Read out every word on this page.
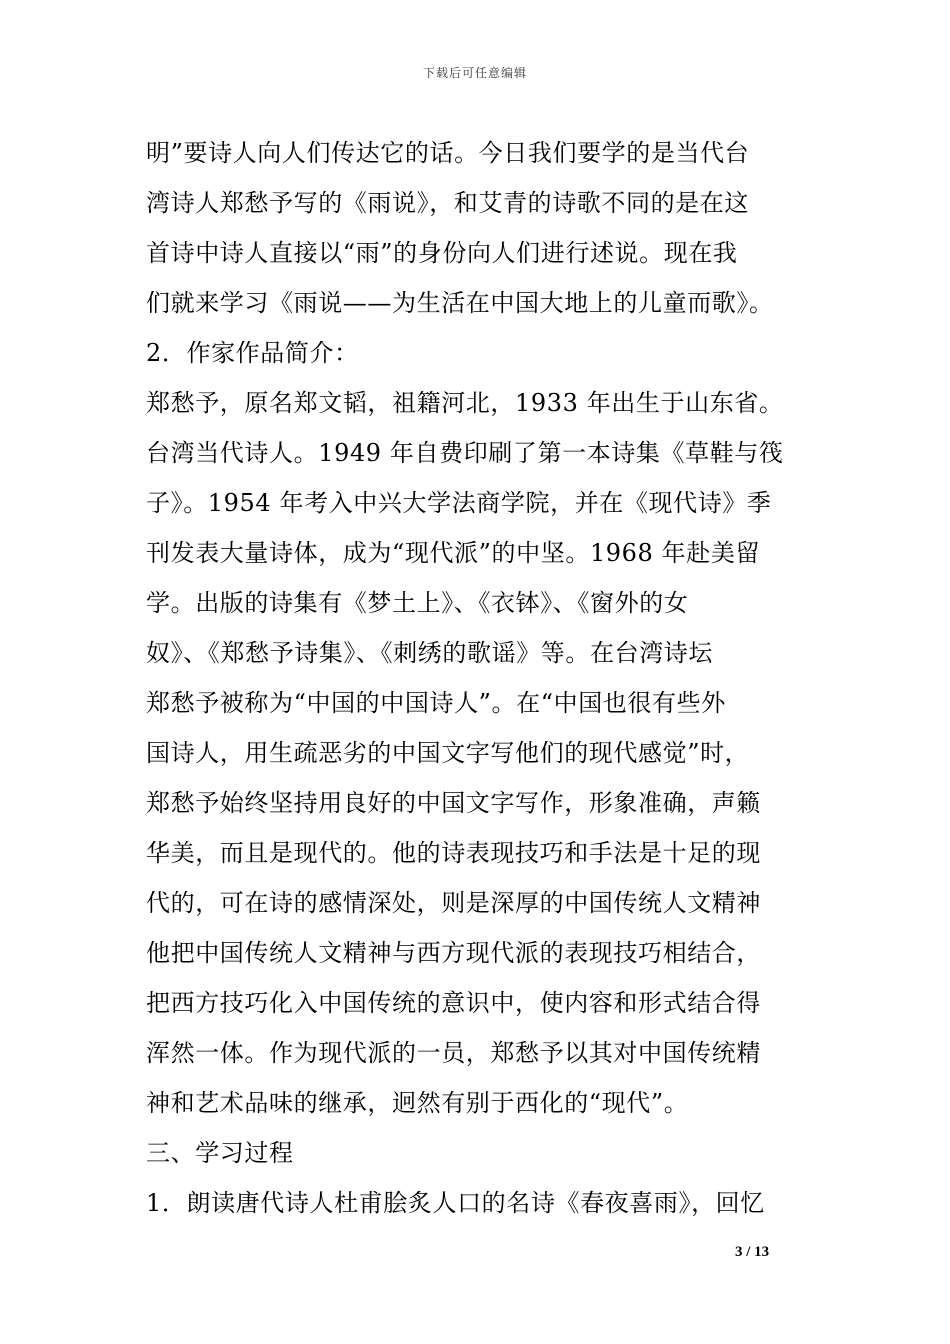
下载后可任意编辑
明”要诗人向人们传达它的话。今日我们要学的是当代台
湾诗人郑愁予写的《雨说》，和艾青的诗歌不同的是在这
首诗中诗人直接以“雨”的身份向人们进行述说。现在我
们就来学习《雨说——为生活在中国大地上的儿童而歌》。
2．作家作品简介：
郑愁予，原名郑文韬，祖籍河北，1933 年出生于山东省。
台湾当代诗人。1949 年自费印刷了第一本诗集《草鞋与筏
子》。1954 年考入中兴大学法商学院，并在《现代诗》季
刊发表大量诗体，成为“现代派”的中坚。1968 年赴美留
学。出版的诗集有《梦土上》、《衣钵》、《窗外的女
奴》、《郑愁予诗集》、《刺绣的歌谣》等。在台湾诗坛
郑愁予被称为“中国的中国诗人”。在“中国也很有些外
国诗人，用生疏恶劣的中国文字写他们的现代感觉”时，
郑愁予始终坚持用良好的中国文字写作，形象准确，声籁
华美，而且是现代的。他的诗表现技巧和手法是十足的现
代的，可在诗的感情深处，则是深厚的中国传统人文精神
他把中国传统人文精神与西方现代派的表现技巧相结合，
把西方技巧化入中国传统的意识中，使内容和形式结合得
浑然一体。作为现代派的一员，郑愁予以其对中国传统精
神和艺术品味的继承，迥然有别于西化的“现代”。
三、学习过程
1．朗读唐代诗人杜甫脍炙人口的名诗《春夜喜雨》，回忆
3 / 13
